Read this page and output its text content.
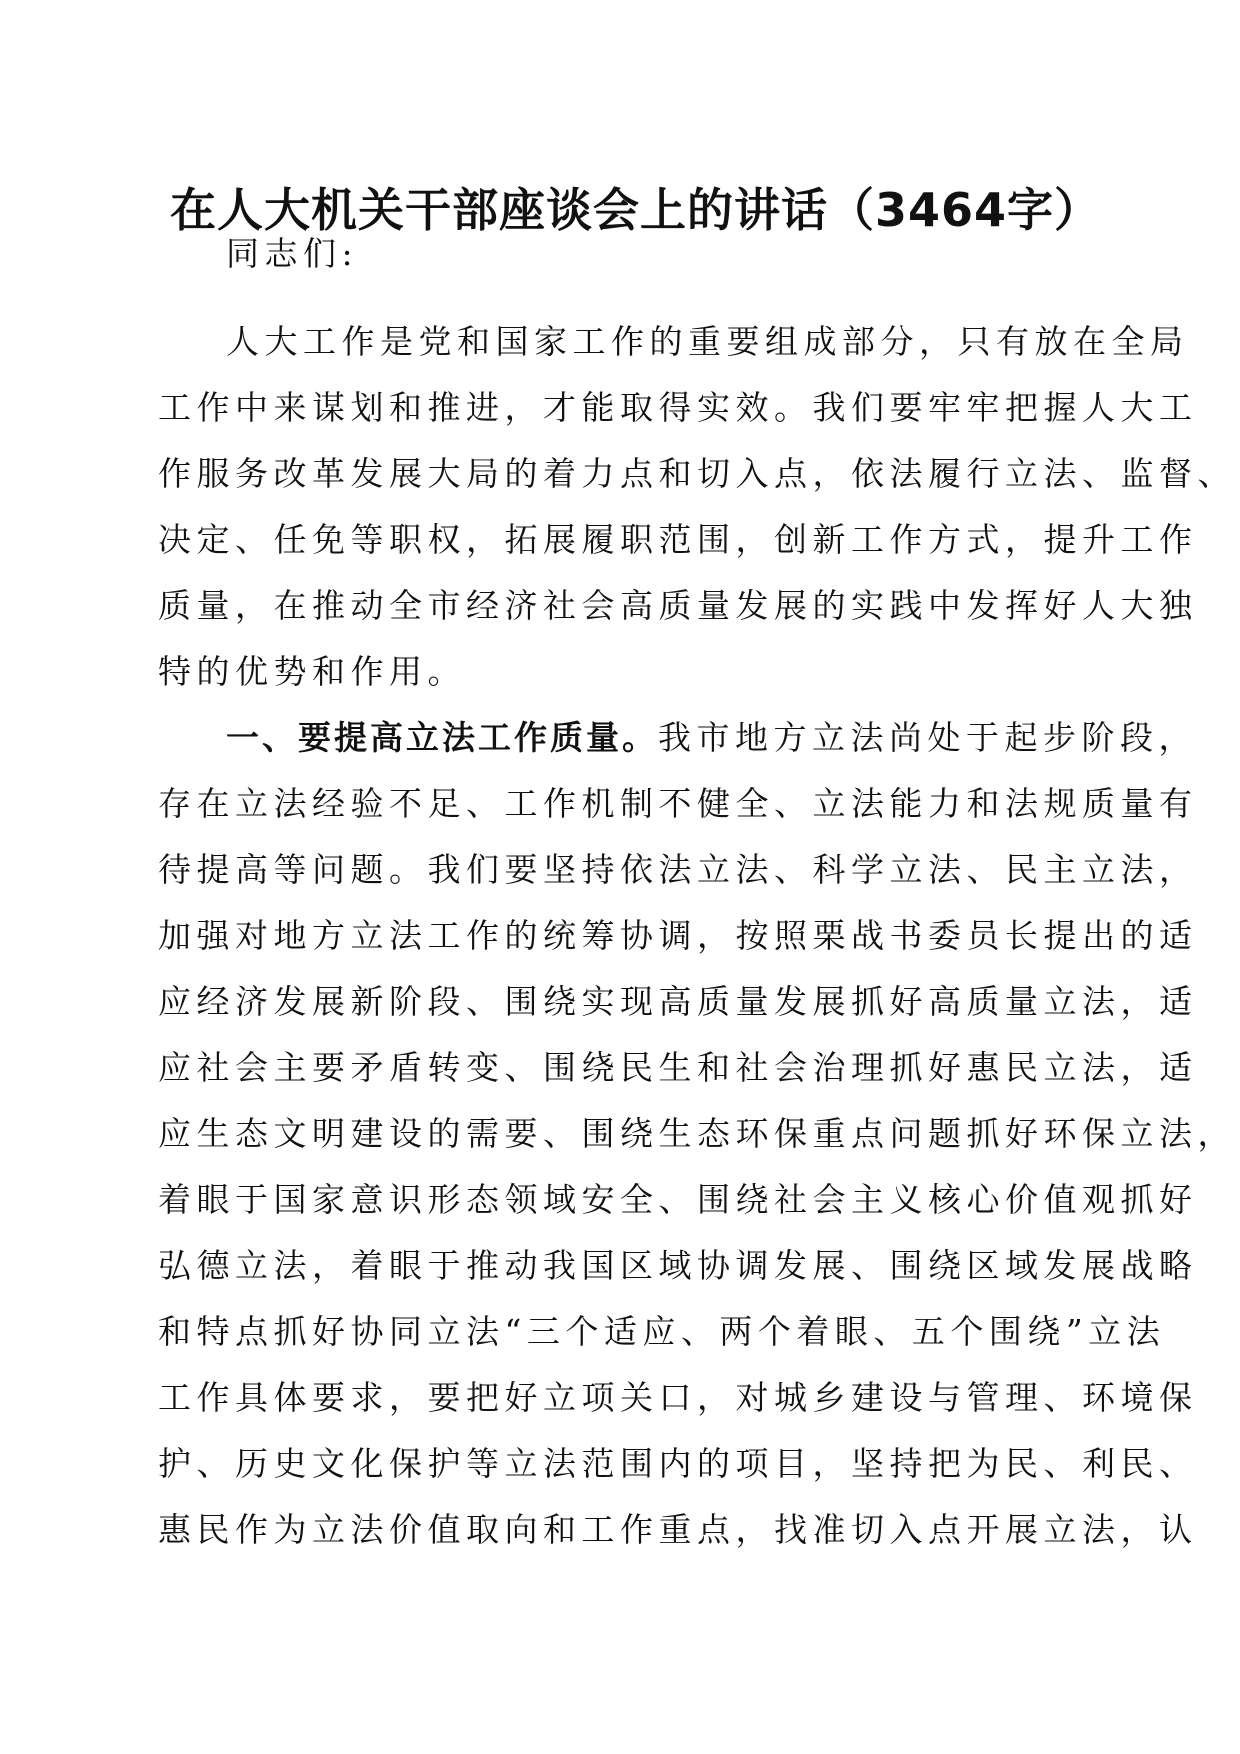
在人大机关干部座谈会上的讲话（3464字）
同志们:
人大工作是党和国家工作的重要组成部分，只有放在全局
工作中来谋划和推进，才能取得实效。我们要牢牢把握人大工
作服务改革发展大局的着力点和切入点，依法履行立法、监督、
决定、任免等职权，拓展履职范围，创新工作方式，提升工作
质量，在推动全市经济社会高质量发展的实践中发挥好人大独
特的优势和作用。
一、要提高立法工作质量。我市地方立法尚处于起步阶段，
存在立法经验不足、工作机制不健全、立法能力和法规质量有
待提高等问题。我们要坚持依法立法、科学立法、民主立法，
加强对地方立法工作的统筹协调，按照栗战书委员长提出的适
应经济发展新阶段、围绕实现高质量发展抓好高质量立法，适
应社会主要矛盾转变、围绕民生和社会治理抓好惠民立法，适
应生态文明建设的需要、围绕生态环保重点问题抓好环保立法，
着眼于国家意识形态领域安全、围绕社会主义核心价值观抓好
弘德立法，着眼于推动我国区域协调发展、围绕区域发展战略
和特点抓好协同立法“三个适应、两个着眼、五个围绕”立法
工作具体要求，要把好立项关口，对城乡建设与管理、环境保
护、历史文化保护等立法范围内的项目，坚持把为民、利民、
惠民作为立法价值取向和工作重点，找准切入点开展立法，认
